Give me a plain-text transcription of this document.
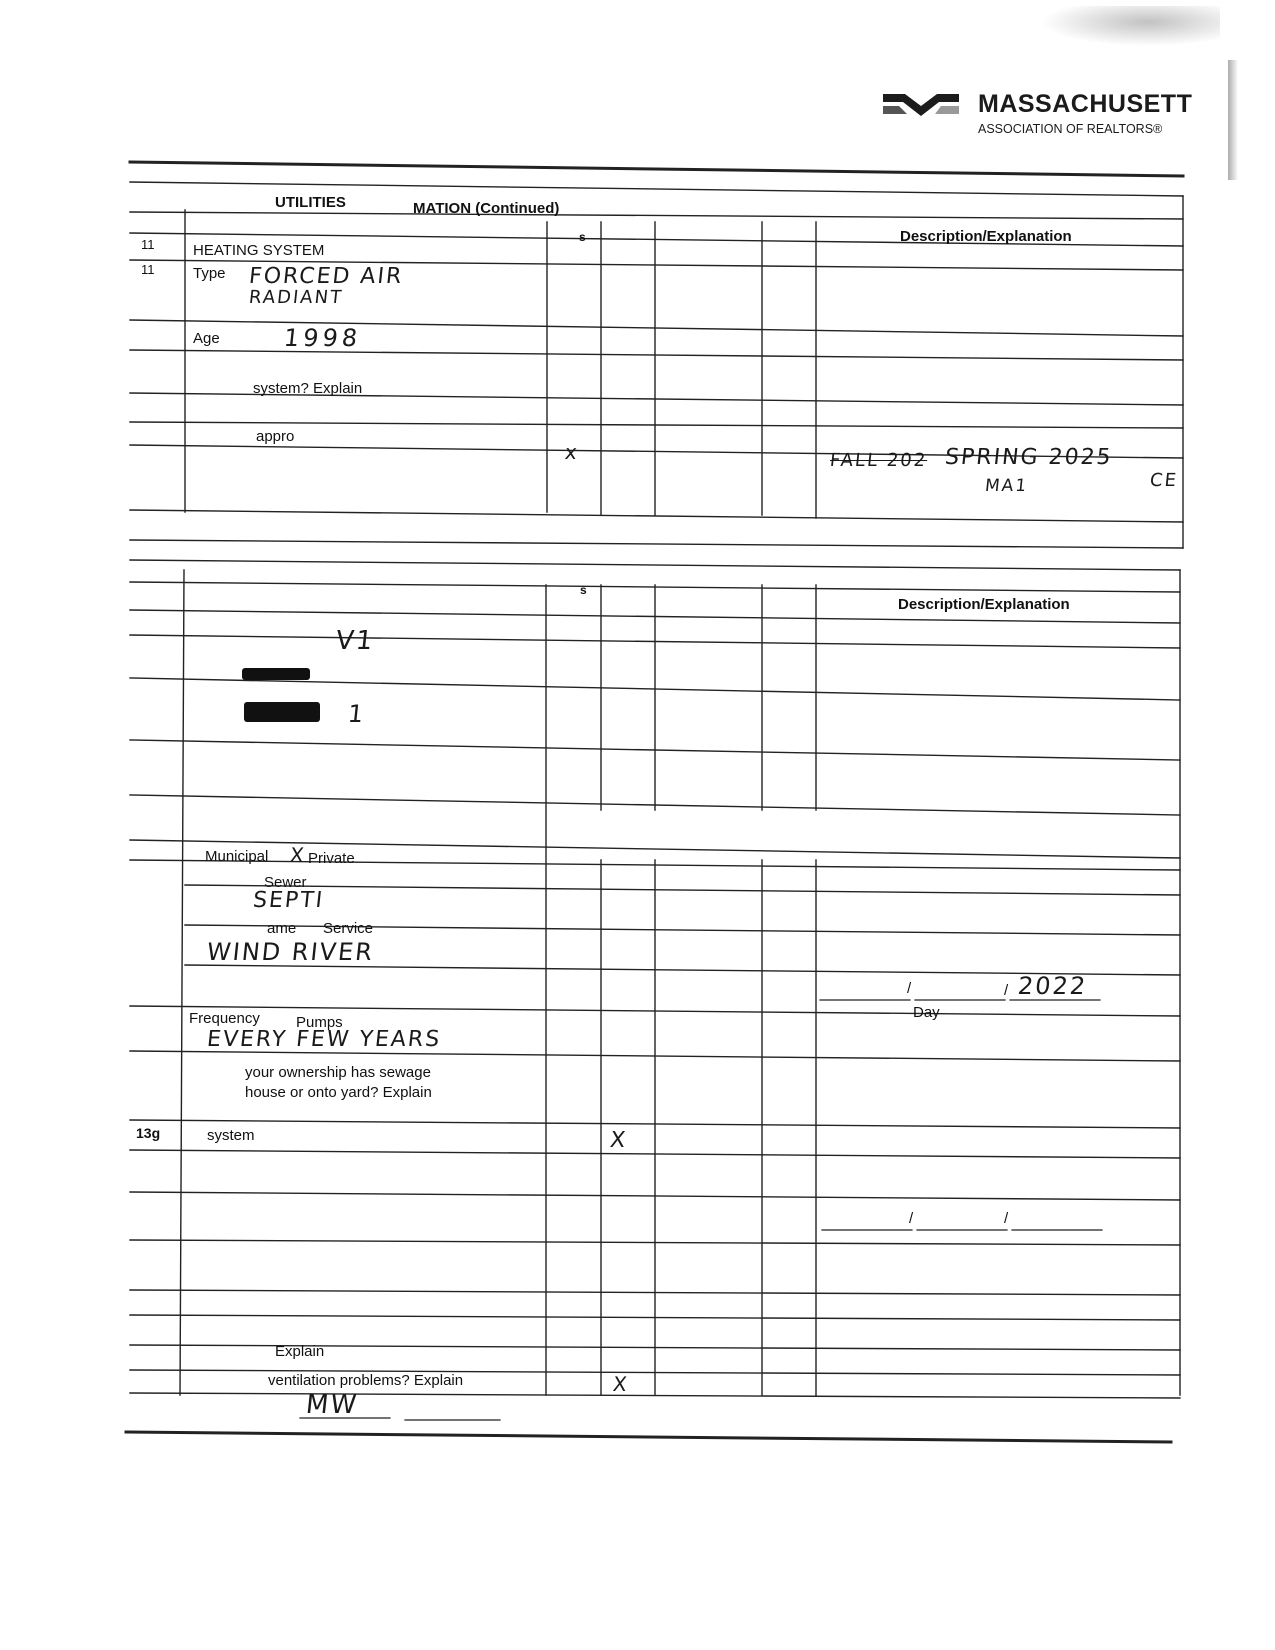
MASSACHUSETT
ASSOCIATION OF REALTORS®
UTILITIES	MATION (Continued)
s	Description/Explanation
11
11
HEATING SYSTEM
Type FORCED AIR
RADIANT
Age	1998
system? Explain
appro
x	FALL 202 SPRING 2025
MA1	CE
s
Description/Explanation
V1
1
Municipal X Private
Sewer
SEPTI
ame Service
WIND RIVER
/	/ 2022
Day
Frequency Pumps
EVERY FEW YEARS
your ownership has sewage
house or onto yard? Explain
13g	system	X
/	/
Explain
ventilation problems? Explain	X
MW
